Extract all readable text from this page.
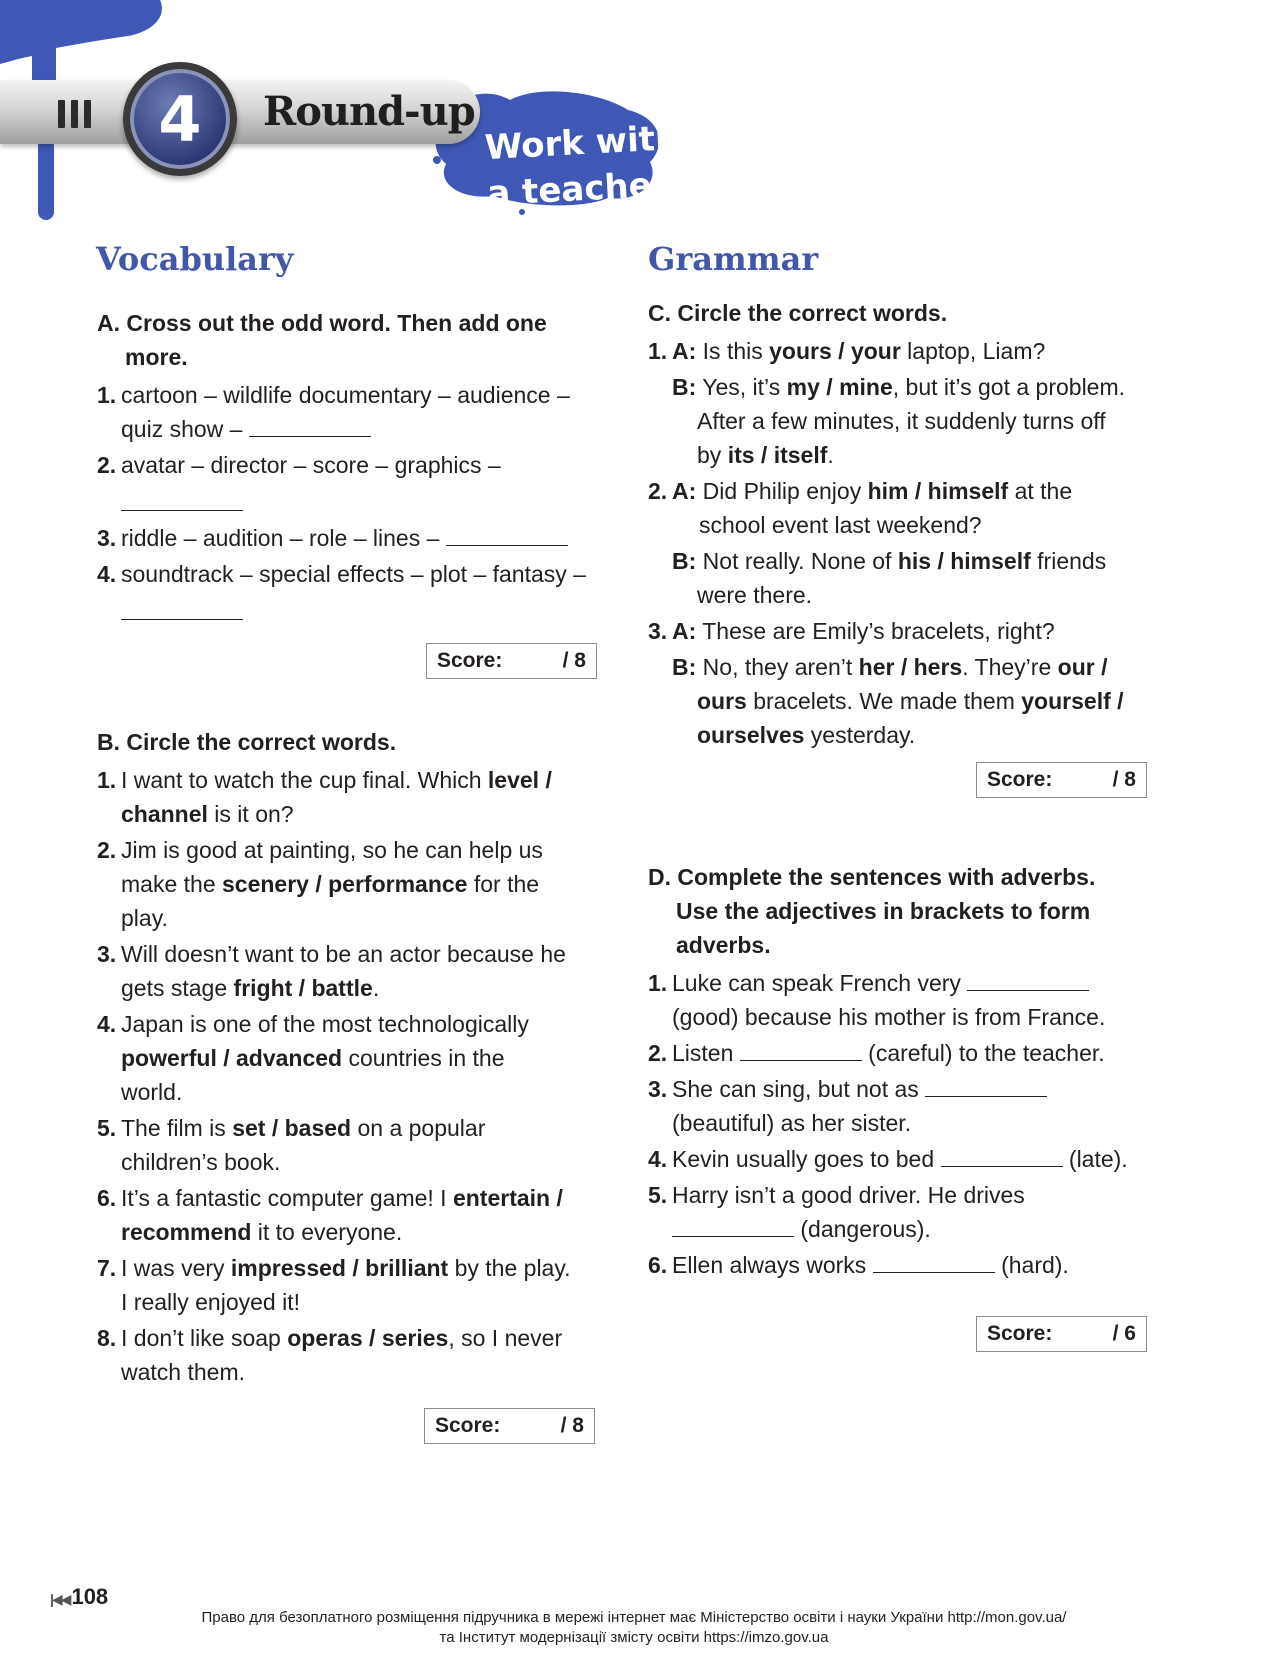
4 Round-up
Work with
a teacher
Vocabulary
A. Cross out the odd word. Then add one
more.
1. cartoon – wildlife documentary – audience –
quiz show –
2. avatar – director – score – graphics –
3. riddle – audition – role – lines –
4. soundtrack – special effects – plot – fantasy –
Score:	/ 8
B. Circle the correct words.
1. I want to watch the cup final. Which level /
channel is it on?
2. Jim is good at painting, so he can help us
make the scenery / performance for the
play.
3. Will doesn’t want to be an actor because he
gets stage fright / battle.
4. Japan is one of the most technologically
powerful / advanced countries in the
world.
5. The film is set / based on a popular
children’s book.
6. It’s a fantastic computer game! I entertain /
recommend it to everyone.
7. I was very impressed / brilliant by the play.
I really enjoyed it!
8. I don’t like soap operas / series, so I never
watch them.
Score:	/ 8
Grammar
C. Circle the correct words.
1. A: Is this yours / your laptop, Liam?
B: Yes, it’s my / mine, but it’s got a problem.
After a few minutes, it suddenly turns off
by its / itself.
2. A: Did Philip enjoy him / himself at the
school event last weekend?
B: Not really. None of his / himself friends
were there.
3. A: These are Emily’s bracelets, right?
B: No, they aren’t her / hers. They’re our /
ours bracelets. We made them yourself /
ourselves yesterday.
Score:	/ 8
D. Complete the sentences with adverbs.
Use the adjectives in brackets to form
adverbs.
1. Luke can speak French very
(good) because his mother is from France.
2. Listen	(careful) to the teacher.
3. She can sing, but not as
(beautiful) as her sister.
4. Kevin usually goes to bed	(late).
5. Harry isn’t a good driver. He drives
(dangerous).
6. Ellen always works	(hard).
Score:	/ 6
|◀◀108
Право для безоплатного розміщення підручника в мережі інтернет має Міністерство освіти і науки України http://mon.gov.ua/
та Інститут модернізації змісту освіти https://imzo.gov.ua
